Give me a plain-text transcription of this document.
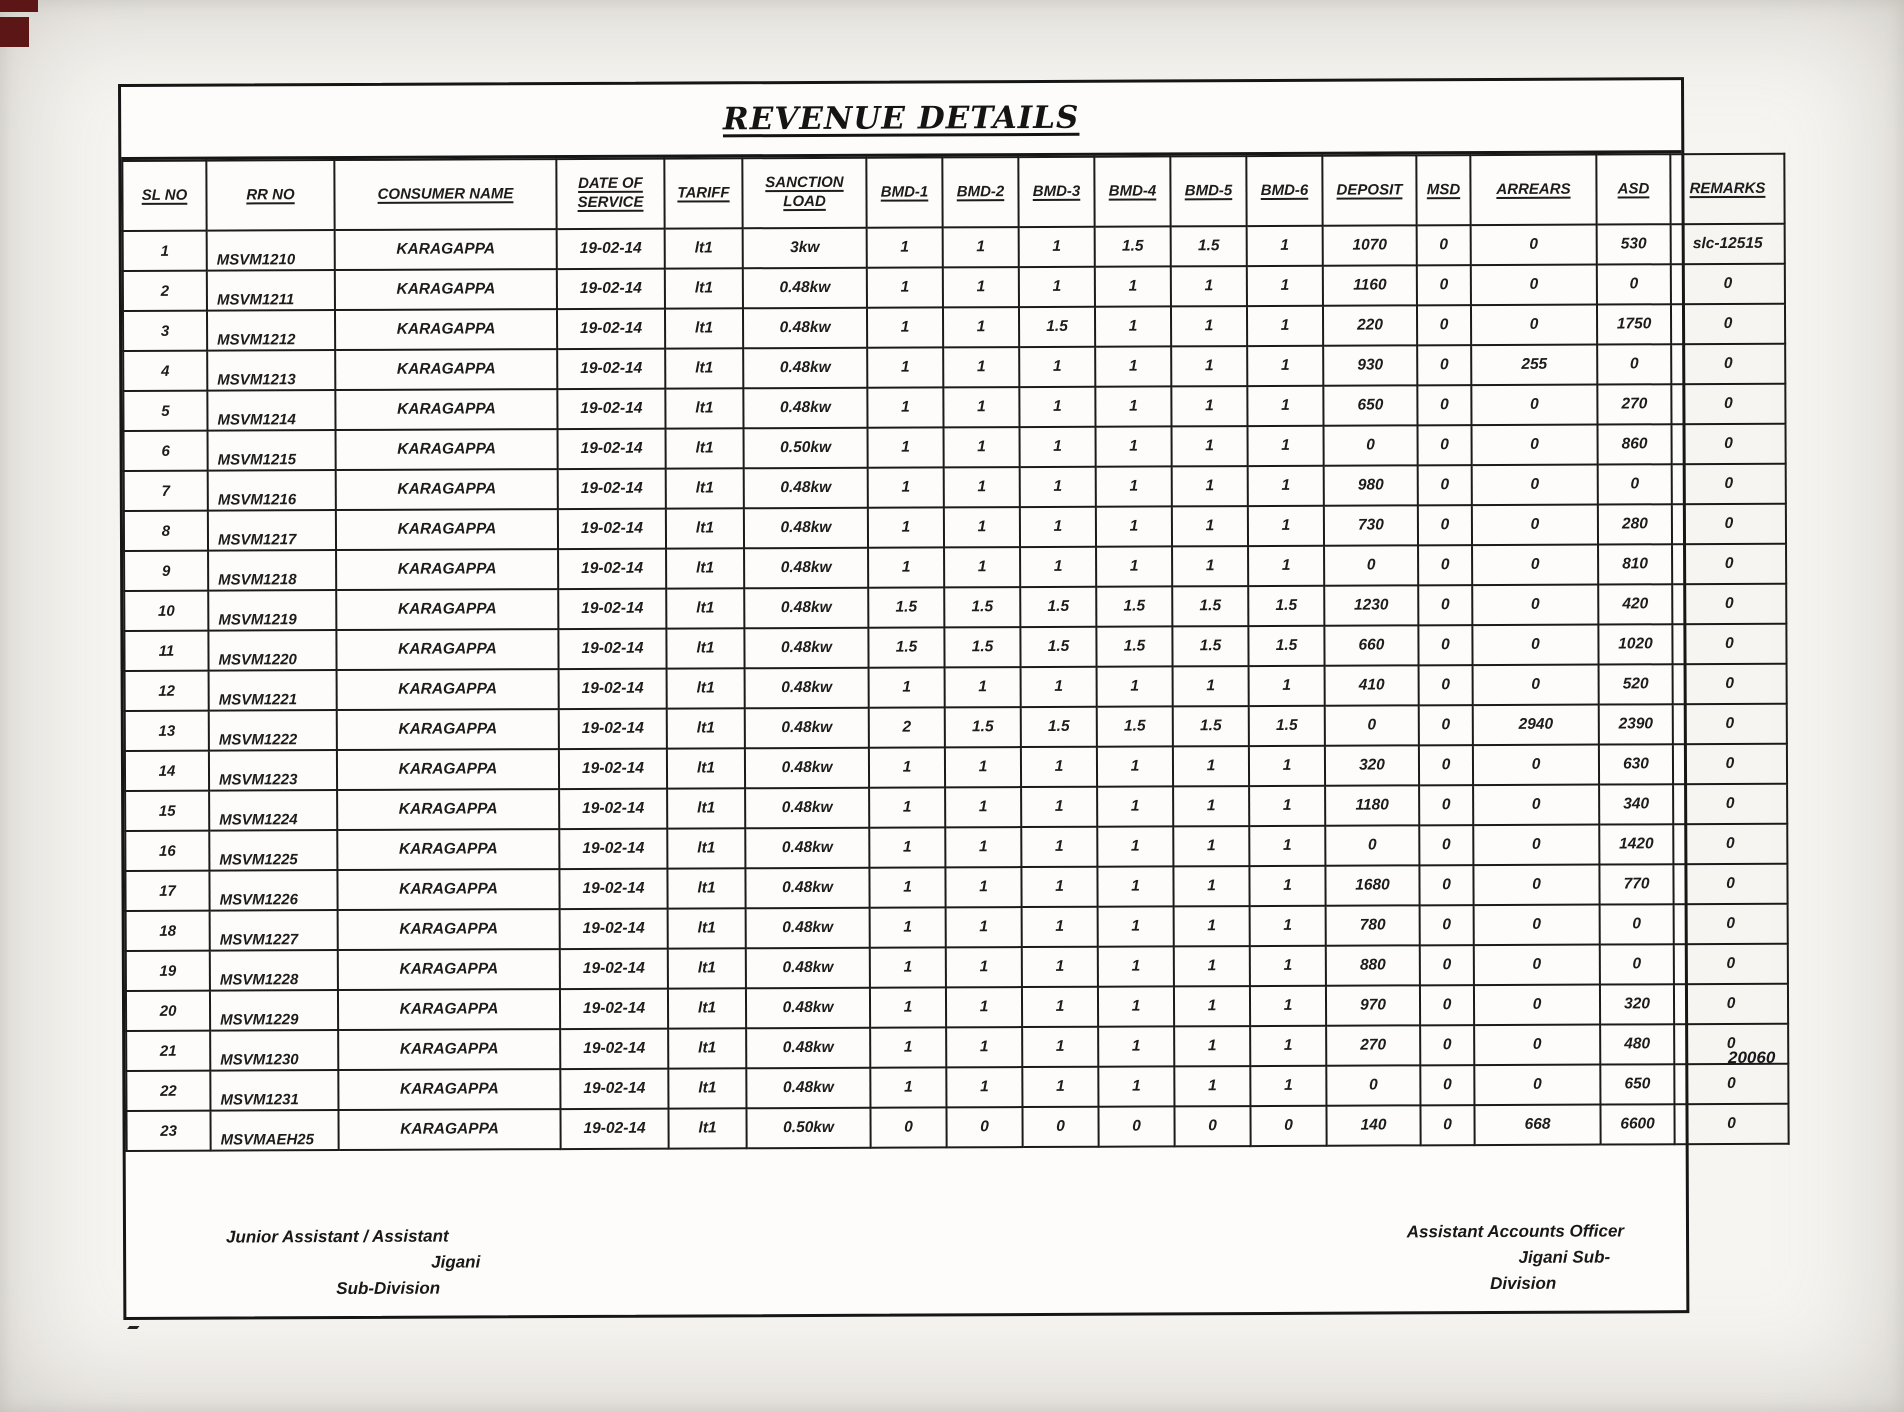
REVENUE DETAILS
SL NO	RR NO	CONSUMER NAME	DATE OF SERVICE	TARIFF	SANCTION LOAD	BMD-1	BMD-2	BMD-3	BMD-4	BMD-5	BMD-6	DEPOSIT	MSD	ARREARS	ASD	REMARKS
1	MSVM1210	KARAGAPPA	19-02-14	lt1	3kw	1	1	1	1.5	1.5	1	1070	0	0	530	slc-12515
2	MSVM1211	KARAGAPPA	19-02-14	lt1	0.48kw	1	1	1	1	1	1	1160	0	0	0	0
3	MSVM1212	KARAGAPPA	19-02-14	lt1	0.48kw	1	1	1.5	1	1	1	220	0	0	1750	0
4	MSVM1213	KARAGAPPA	19-02-14	lt1	0.48kw	1	1	1	1	1	1	930	0	255	0	0
5	MSVM1214	KARAGAPPA	19-02-14	lt1	0.48kw	1	1	1	1	1	1	650	0	0	270	0
6	MSVM1215	KARAGAPPA	19-02-14	lt1	0.50kw	1	1	1	1	1	1	0	0	0	860	0
7	MSVM1216	KARAGAPPA	19-02-14	lt1	0.48kw	1	1	1	1	1	1	980	0	0	0	0
8	MSVM1217	KARAGAPPA	19-02-14	lt1	0.48kw	1	1	1	1	1	1	730	0	0	280	0
9	MSVM1218	KARAGAPPA	19-02-14	lt1	0.48kw	1	1	1	1	1	1	0	0	0	810	0
10	MSVM1219	KARAGAPPA	19-02-14	lt1	0.48kw	1.5	1.5	1.5	1.5	1.5	1.5	1230	0	0	420	0
11	MSVM1220	KARAGAPPA	19-02-14	lt1	0.48kw	1.5	1.5	1.5	1.5	1.5	1.5	660	0	0	1020	0
12	MSVM1221	KARAGAPPA	19-02-14	lt1	0.48kw	1	1	1	1	1	1	410	0	0	520	0
13	MSVM1222	KARAGAPPA	19-02-14	lt1	0.48kw	2	1.5	1.5	1.5	1.5	1.5	0	0	2940	2390	0
14	MSVM1223	KARAGAPPA	19-02-14	lt1	0.48kw	1	1	1	1	1	1	320	0	0	630	0
15	MSVM1224	KARAGAPPA	19-02-14	lt1	0.48kw	1	1	1	1	1	1	1180	0	0	340	0
16	MSVM1225	KARAGAPPA	19-02-14	lt1	0.48kw	1	1	1	1	1	1	0	0	0	1420	0
17	MSVM1226	KARAGAPPA	19-02-14	lt1	0.48kw	1	1	1	1	1	1	1680	0	0	770	0
18	MSVM1227	KARAGAPPA	19-02-14	lt1	0.48kw	1	1	1	1	1	1	780	0	0	0	0
19	MSVM1228	KARAGAPPA	19-02-14	lt1	0.48kw	1	1	1	1	1	1	880	0	0	0	0
20	MSVM1229	KARAGAPPA	19-02-14	lt1	0.48kw	1	1	1	1	1	1	970	0	0	320	0
21	MSVM1230	KARAGAPPA	19-02-14	lt1	0.48kw	1	1	1	1	1	1	270	0	0	480	0
22	MSVM1231	KARAGAPPA	19-02-14	lt1	0.48kw	1	1	1	1	1	1	0	0	0	650	0
23	MSVMAEH25	KARAGAPPA	19-02-14	lt1	0.50kw	0	0	0	0	0	0	140	0	668	6600	0
Junior Assistant / Assistant
Jigani
Sub-Division
Assistant Accounts Officer
Jigani Sub-
Division
20060
